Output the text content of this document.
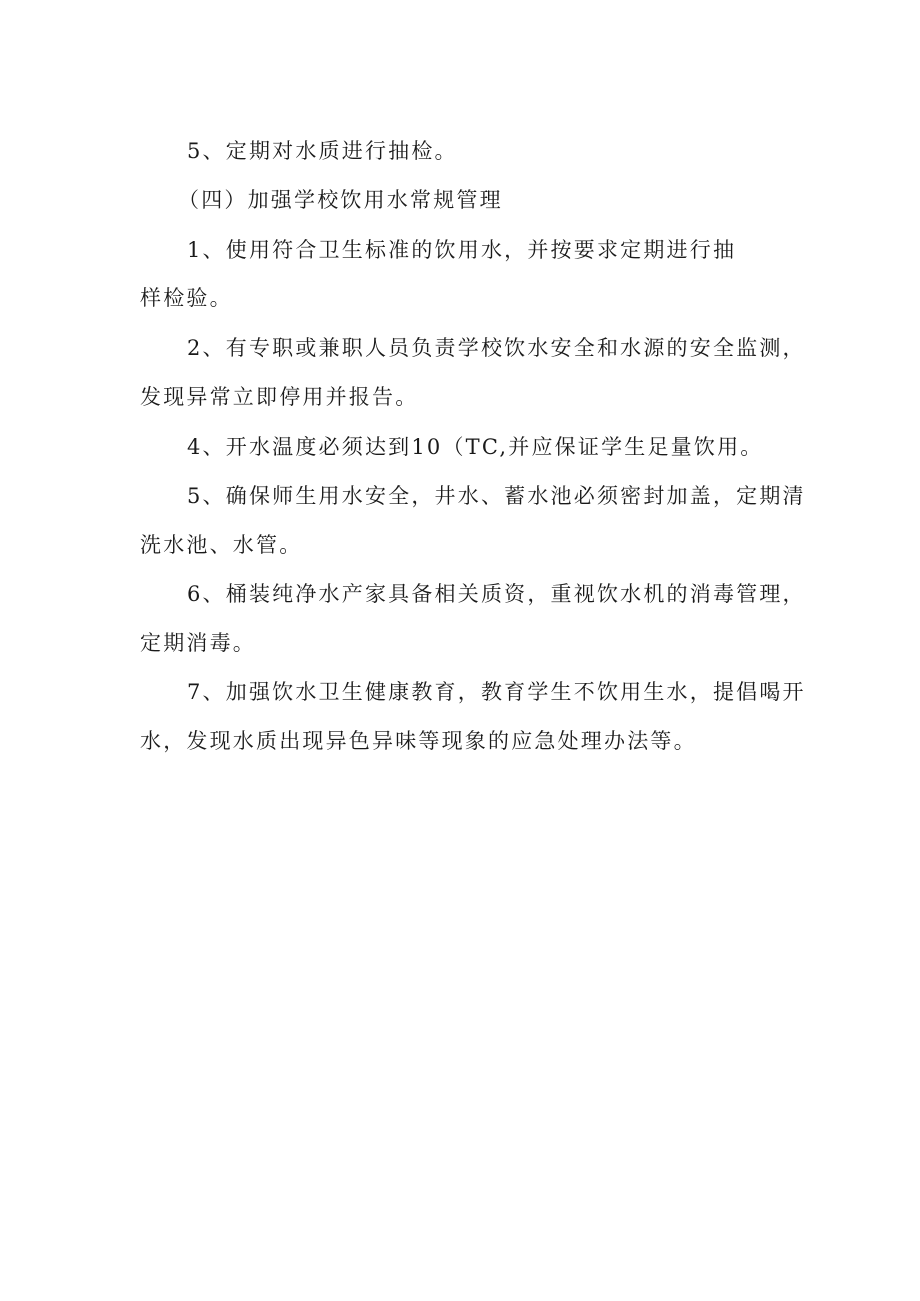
5、定期对水质进行抽检。
（四）加强学校饮用水常规管理
1、使用符合卫生标准的饮用水，并按要求定期进行抽
样检验。
2、有专职或兼职人员负责学校饮水安全和水源的安全监测，
发现异常立即停用并报告。
4、开水温度必须达到10（TC,并应保证学生足量饮用。
5、确保师生用水安全，井水、蓄水池必须密封加盖，定期清
洗水池、水管。
6、桶装纯净水产家具备相关质资，重视饮水机的消毒管理，
定期消毒。
7、加强饮水卫生健康教育，教育学生不饮用生水，提倡喝开
水，发现水质出现异色异味等现象的应急处理办法等。
